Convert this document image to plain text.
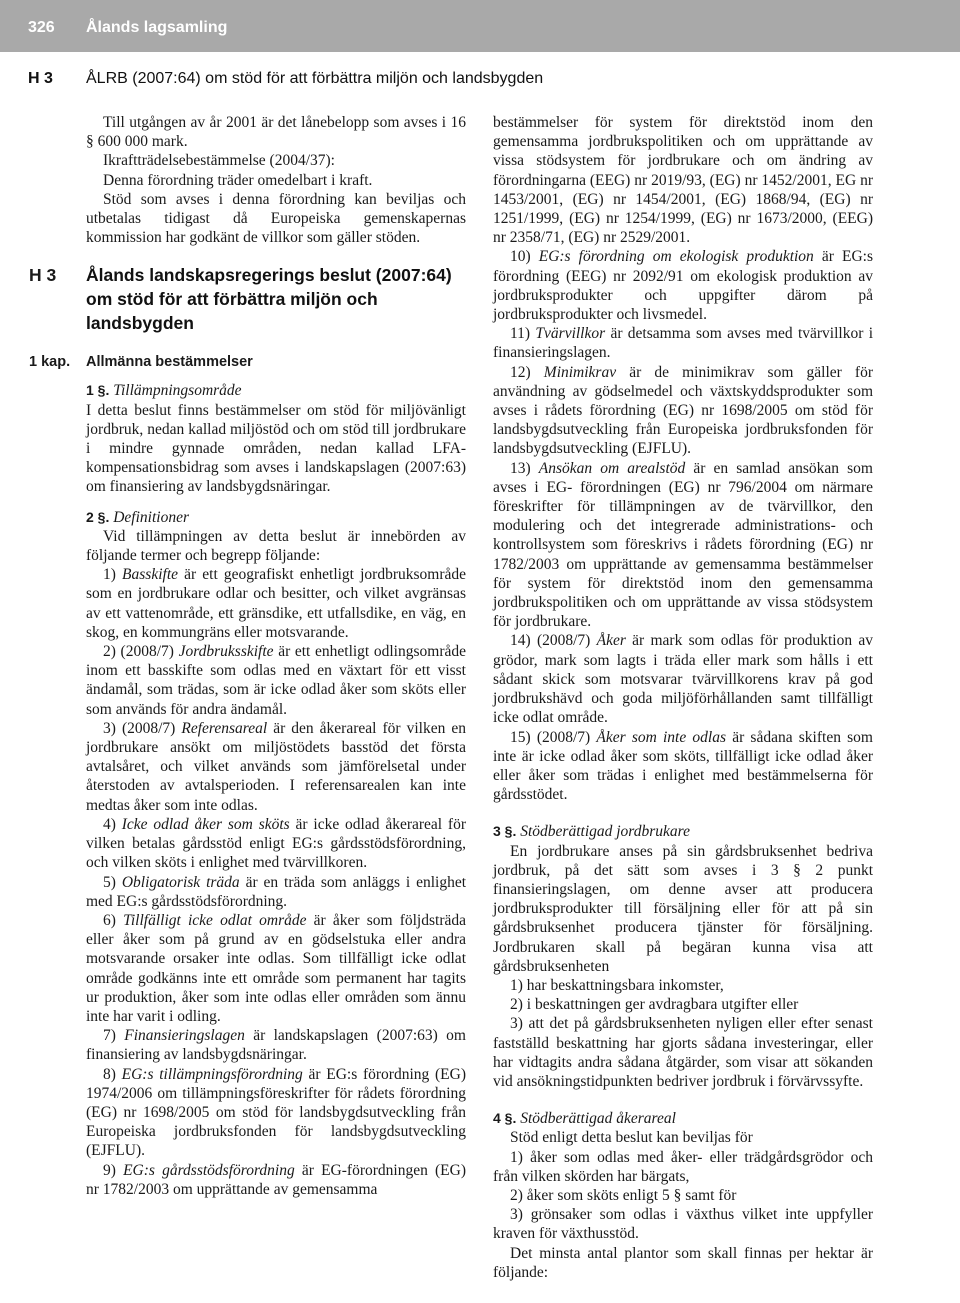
326 Ålands lagsamling
H 3 ÅLRB (2007:64) om stöd för att förbättra miljön och landsbygden

Till utgången av år 2001 är det lånebelopp som avses i 16 § 600 000 mark.

Ikraftträdelsebestämmelse (2004/37):

Denna förordning träder omedelbart i kraft.

Stöd som avses i denna förordning kan beviljas och utbetalas tidigast då Europeiska gemenskapernas kommission har godkänt de villkor som gäller stöden.

H 3 Ålands landskapsregerings beslut (2007:64) om stöd för att förbättra miljön och landsbygden
1 kap. Allmänna bestämmelser

1 §. Tillämpningsområde

I detta beslut finns bestämmelser om stöd för miljövänligt jordbruk, nedan kallad miljöstöd och om stöd till jordbrukare i mindre gynnade områden, nedan kallad LFA-kompensationsbidrag som avses i landskapslagen (2007:63) om finansiering av landsbygdsnäringar.

2 §. Definitioner

Vid tillämpningen av detta beslut är innebörden av följande termer och begrepp följande:

1) Basskifte är ett geografiskt enhetligt jordbruksområde som en jordbrukare odlar och besitter, och vilket avgränsas av ett vattenområde, ett gränsdike, ett utfallsdike, en väg, en skog, en kommungräns eller motsvarande.

2) (2008/7) Jordbruksskifte är ett enhetligt odlingsområde inom ett basskifte som odlas med en växtart för ett visst ändamål, som trädas, som är icke odlad åker som sköts eller som används för andra ändamål.

3) (2008/7) Referensareal är den åkerareal för vilken en jordbrukare ansökt om miljöstödets basstöd det första avtalsåret, och vilket används som jämförelsetal under återstoden av avtalsperioden. I referensarealen kan inte medtas åker som inte odlas.

4) Icke odlad åker som sköts är icke odlad åkerareal för vilken betalas gårdsstöd enligt EG:s gårdsstödsförordning, och vilken sköts i enlighet med tvärvillkoren.

5) Obligatorisk träda är en träda som anläggs i enlighet med EG:s gårdsstödsförordning.

6) Tillfälligt icke odlat område är åker som följdsträda eller åker som på grund av en gödselstuka eller andra motsvarande orsaker inte odlas. Som tillfälligt icke odlat område godkänns inte ett område som permanent har tagits ur produktion, åker som inte odlas eller områden som ännu inte har varit i odling.

7) Finansieringslagen är landskapslagen (2007:63) om finansiering av landsbygdsnäringar.

8) EG:s tillämpningsförordning är EG:s förordning (EG) 1974/2006 om tillämpningsföreskrifter för rådets förordning (EG) nr 1698/2005 om stöd för landsbygdsutveckling från Europeiska jordbruksfonden för landsbygdsutveckling (EJFLU).

9) EG:s gårdsstödsförordning är EG-förordningen (EG) nr 1782/2003 om upprättande av gemensamma

bestämmelser för system för direktstöd inom den gemensamma jordbrukspolitiken och om upprättande av vissa stödsystem för jordbrukare och om ändring av förordningarna (EEG) nr 2019/93, (EG) nr 1452/2001, EG nr 1453/2001, (EG) nr 1454/2001, (EG) 1868/94, (EG) nr 1251/1999, (EG) nr 1254/1999, (EG) nr 1673/2000, (EEG) nr 2358/71, (EG) nr 2529/2001.

10) EG:s förordning om ekologisk produktion är EG:s förordning (EEG) nr 2092/91 om ekologisk produktion av jordbruksprodukter och uppgifter därom på jordbruksprodukter och livsmedel.

11) Tvärvillkor är detsamma som avses med tvärvillkor i finansieringslagen.

12) Minimikrav är de minimikrav som gäller för användning av gödselmedel och växtskyddsprodukter som avses i rådets förordning (EG) nr 1698/2005 om stöd för landsbygdsutveckling från Europeiska jordbruksfonden för landsbygdsutveckling (EJFLU).

13) Ansökan om arealstöd är en samlad ansökan som avses i EG- förordningen (EG) nr 796/2004 om närmare föreskrifter för tillämpningen av de tvärvillkor, den modulering och det integrerade administrations- och kontrollsystem som föreskrivs i rådets förordning (EG) nr 1782/2003 om upprättande av gemensamma bestämmelser för system för direktstöd inom den gemensamma jordbrukspolitiken och om upprättande av vissa stödsystem för jordbrukare.

14) (2008/7) Åker är mark som odlas för produktion av grödor, mark som lagts i träda eller mark som hålls i ett sådant skick som motsvarar tvärvillkorens krav på god jordbrukshävd och goda miljöförhållanden samt tillfälligt icke odlat område.

15) (2008/7) Åker som inte odlas är sådana skiften som inte är icke odlad åker som sköts, tillfälligt icke odlad åker eller åker som trädas i enlighet med bestämmelserna för gårdsstödet.

3 §. Stödberättigad jordbrukare

En jordbrukare anses på sin gårdsbruksenhet bedriva jordbruk, på det sätt som avses i 3 § 2 punkt finansieringslagen, om denne avser att producera jordbruksprodukter till försäljning eller för att på sin gårdsbruksenhet producera tjänster för försäljning. Jordbrukaren skall på begäran kunna visa att gårdsbruksenheten

1) har beskattningsbara inkomster,

2) i beskattningen ger avdragbara utgifter eller

3) att det på gårdsbruksenheten nyligen eller efter senast fastställd beskattning har gjorts sådana investeringar, eller har vidtagits andra sådana åtgärder, som visar att sökanden vid ansökningstidpunkten bedriver jordbruk i förvärvssyfte.

4 §. Stödberättigad åkerareal

Stöd enligt detta beslut kan beviljas för

1) åker som odlas med åker- eller trädgårdsgrödor och från vilken skörden har bärgats,

2) åker som sköts enligt 5 § samt för

3) grönsaker som odlas i växthus vilket inte uppfyller kraven för växthusstöd.

Det minsta antal plantor som skall finnas per hektar är följande:
